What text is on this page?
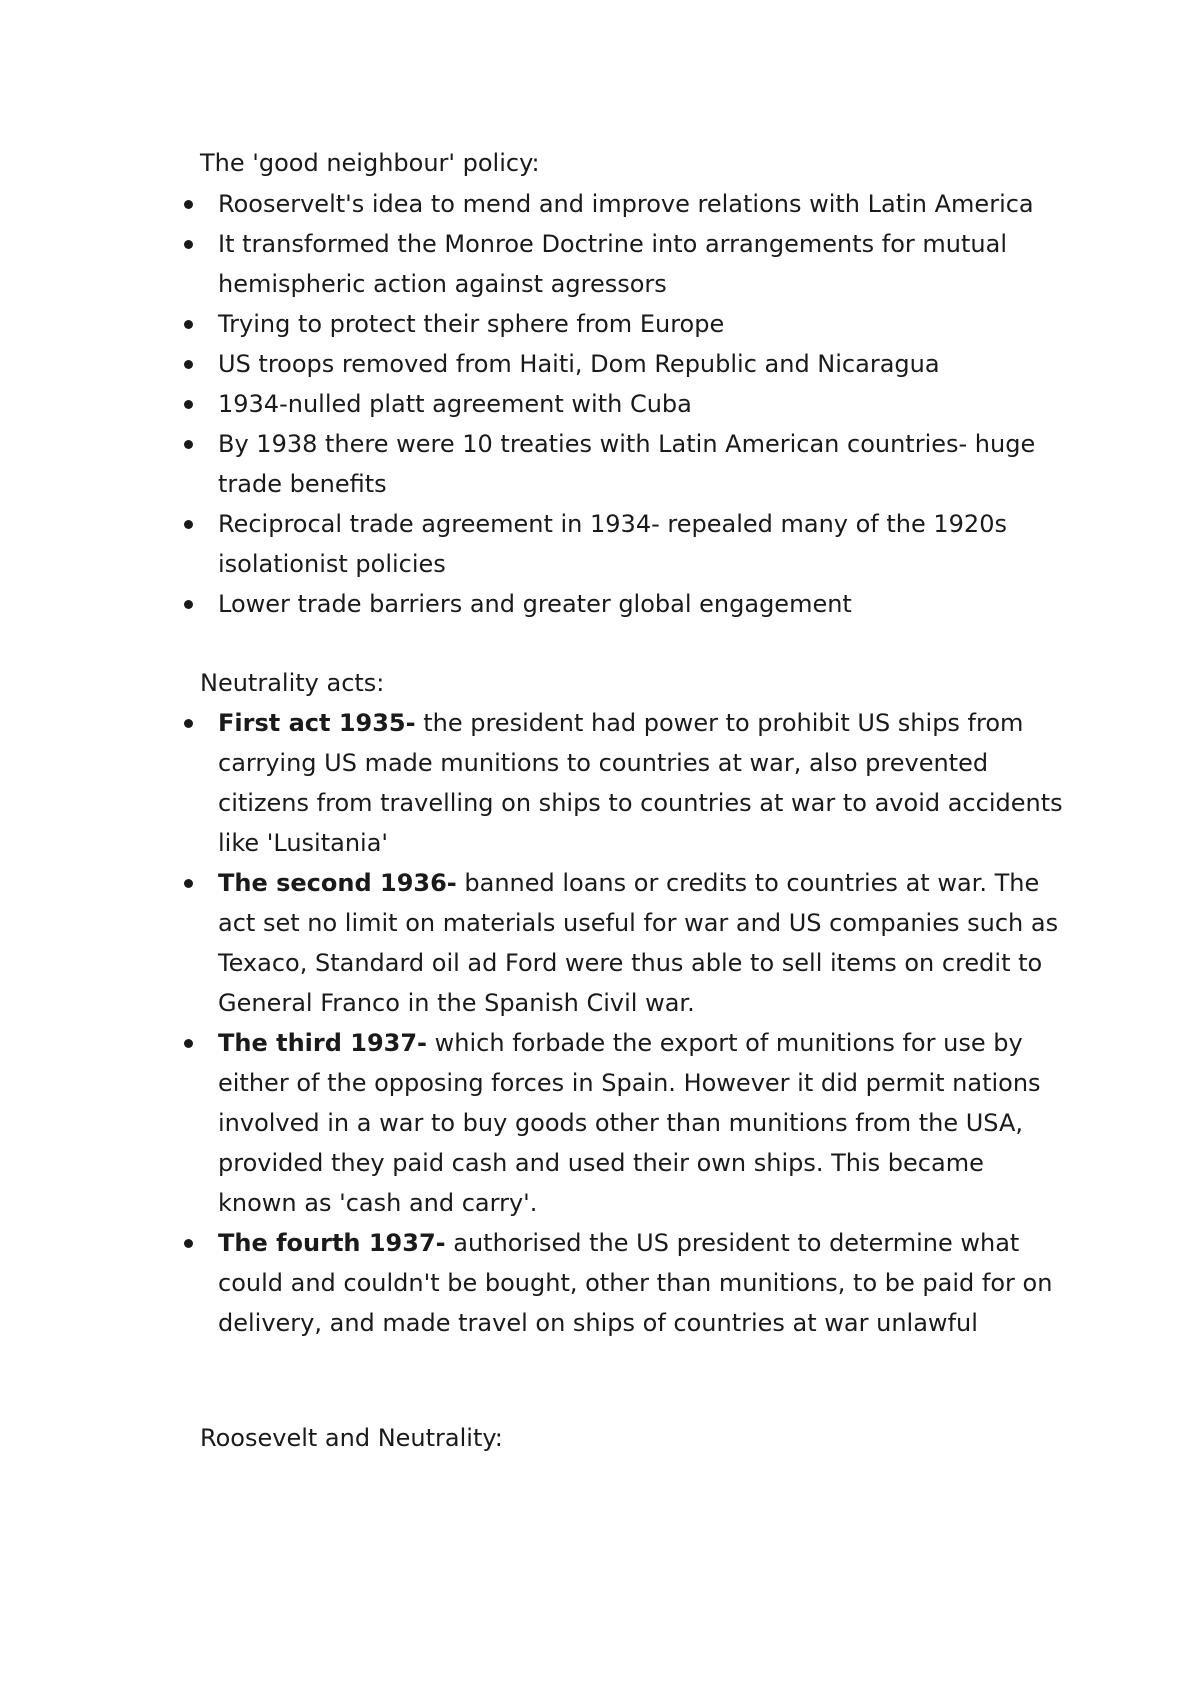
The 'good neighbour' policy:
Rooservelt's idea to mend and improve relations with Latin America
It transformed the Monroe Doctrine into arrangements for mutual hemispheric action against agressors
Trying to protect their sphere from Europe
US troops removed from Haiti, Dom Republic and Nicaragua
1934-nulled platt agreement with Cuba
By 1938 there were 10 treaties with Latin American countries- huge trade benefits
Reciprocal trade agreement in 1934- repealed many of the 1920s isolationist policies
Lower trade barriers and greater global engagement
Neutrality acts:
First act 1935- the president had power to prohibit US ships from carrying US made munitions to countries at war, also prevented citizens from travelling on ships to countries at war to avoid accidents like 'Lusitania'
The second 1936- banned loans or credits to countries at war. The act set no limit on materials useful for war and US companies such as Texaco, Standard oil ad Ford were thus able to sell items on credit to General Franco in the Spanish Civil war.
The third 1937- which forbade the export of munitions for use by either of the opposing forces in Spain. However it did permit nations involved in a war to buy goods other than munitions from the USA, provided they paid cash and used their own ships. This became known as 'cash and carry'.
The fourth 1937- authorised the US president to determine what could and couldn't be bought, other than munitions, to be paid for on delivery, and made travel on ships of countries at war unlawful
Roosevelt and Neutrality:
